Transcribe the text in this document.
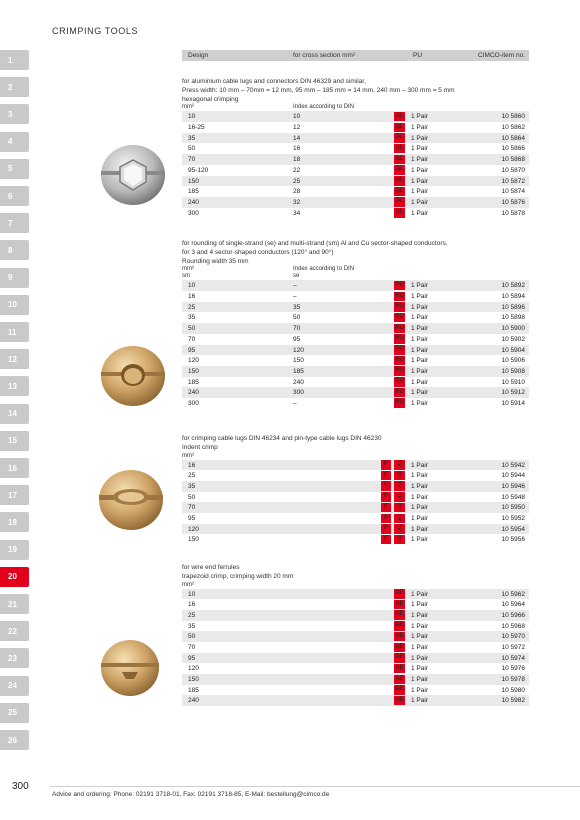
CRIMPING TOOLS
1
2
3
4
5
6
7
8
9
10
11
12
13
14
15
16
17
18
19
20
21
22
23
24
25
26
Design	for cross section mm²	PU	CIMCO-item no.
for aluminium cable lugs and connectors DIN 46329 and similar,
Press width: 10 mm – 70mm = 12 mm, 95 mm – 185 mm = 14 mm, 240 mm – 300 mm = 5 mm
hexagonal crimping
mm²	Index according to DIN
10	10	AL 1 Pair	10 5860
16-25	12	AL 1 Pair	10 5862
35	14	AL 1 Pair	10 5864
50	16	AL 1 Pair	10 5866
70	18	AL 1 Pair	10 5868
95-120	22	AL 1 Pair	10 5870
150	25	AL 1 Pair	10 5872
185	28	AL 1 Pair	10 5874
240	32	AL 1 Pair	10 5876
300	34	AL 1 Pair	10 5878
for rounding of single-strand (se) and multi-strand (sm) Al and Cu sector-shaped conductors,
for 3 and 4 sector-shaped conductors (120° and 90°)
Rounding width 35 mm
mm²	Index according to DIN
sm	se
10	–	RU 1 Pair	10 5892
16	–	RU 1 Pair	10 5894
25	35	RU 1 Pair	10 5896
35	50	RU 1 Pair	10 5898
50	70	RU 1 Pair	10 5900
70	95	RU 1 Pair	10 5902
95	120	RU 1 Pair	10 5904
120	150	RU 1 Pair	10 5906
150	185	RU 1 Pair	10 5908
185	240	RU 1 Pair	10 5910
240	300	RU 1 Pair	10 5912
300	–	RU 1 Pair	10 5914
for crimping cable lugs DIN 46234 and pin-type cable lugs DIN 46230
Indent crimp
mm²
16	F	Q	1 Pair	10 5942
25	F	Q	1 Pair	10 5944
35	F	Q	1 Pair	10 5946
50	F	Q	1 Pair	10 5948
70	F	Q	1 Pair	10 5950
95	F	Q	1 Pair	10 5952
120	F	Q	1 Pair	10 5954
150	F	Q	1 Pair	10 5956
for wire end ferrules
trapezoid crimp, crimping width 20 mm
mm²
10	AE 1 Pair	10 5962
16	AE 1 Pair	10 5964
25	AE 1 Pair	10 5966
35	AE 1 Pair	10 5968
50	AE 1 Pair	10 5970
70	AE 1 Pair	10 5972
95	AE 1 Pair	10 5974
120	AE 1 Pair	10 5976
150	AE 1 Pair	10 5978
185	AE 1 Pair	10 5980
240	AE 1 Pair	10 5982
300
Advice and ordering: Phone: 02191 3718-01, Fax: 02191 3718-85, E-Mail: bestellung@cimco.de
